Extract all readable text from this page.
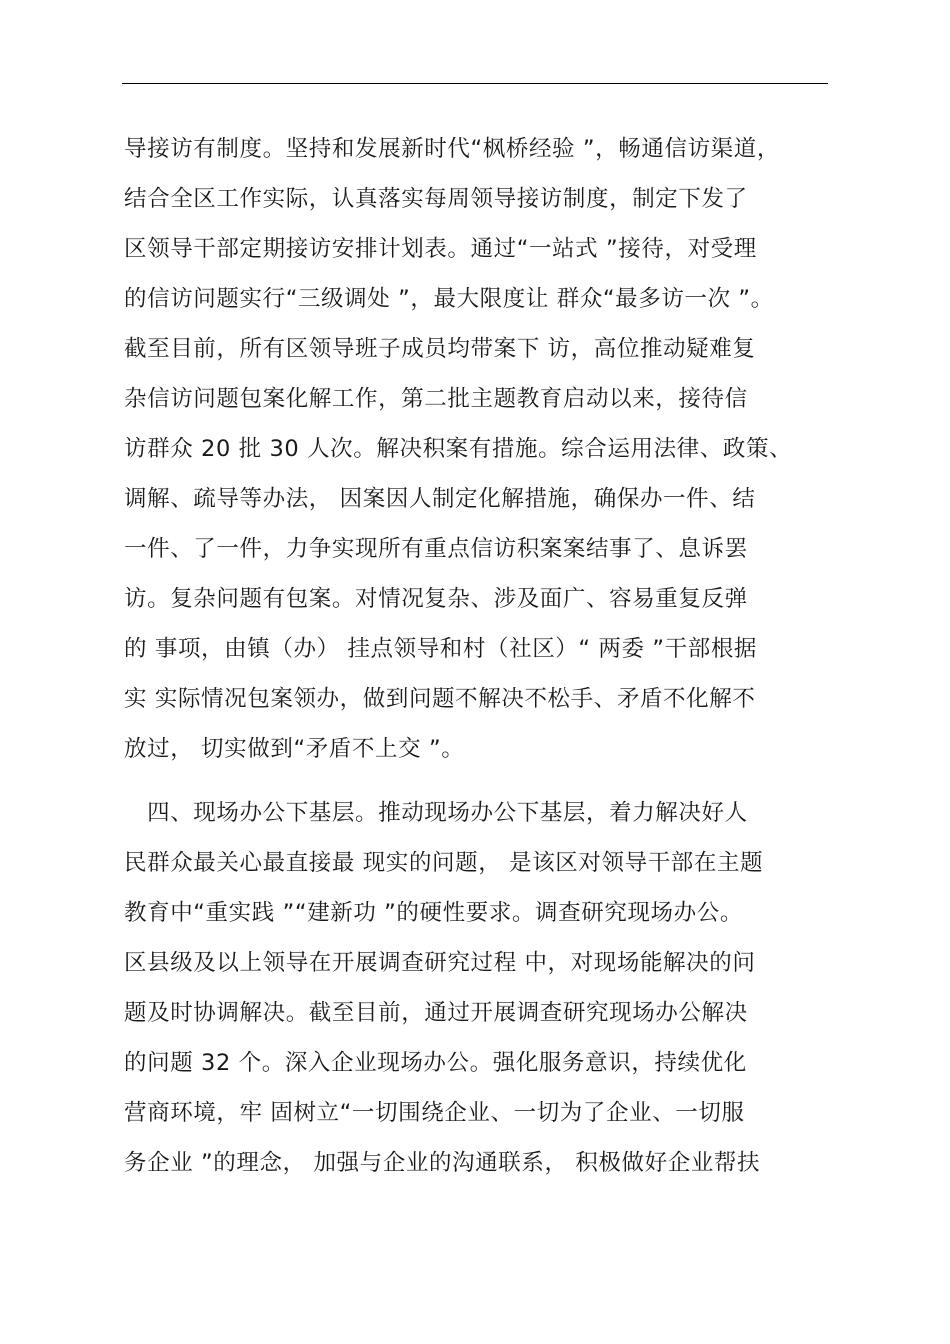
导接访有制度。坚持和发展新时代“枫桥经验 ”，畅通信访渠道，
结合全区工作实际，认真落实每周领导接访制度，制定下发了
区领导干部定期接访安排计划表。通过“一站式 ”接待，对受理
的信访问题实行“三级调处 ”，最大限度让 群众“最多访一次 ”。
截至目前，所有区领导班子成员均带案下 访，高位推动疑难复
杂信访问题包案化解工作，第二批主题教育启动以来，接待信
访群众 20 批 30 人次。解决积案有措施。综合运用法律、政策、
调解、疏导等办法， 因案因人制定化解措施，确保办一件、结
一件、了一件，力争实现所有重点信访积案案结事了、息诉罢
访。复杂问题有包案。对情况复杂、涉及面广、容易重复反弹
的 事项，由镇（办） 挂点领导和村（社区）“ 两委 ”干部根据
实 实际情况包案领办，做到问题不解决不松手、矛盾不化解不
放过， 切实做到“矛盾不上交 ”。
　四、现场办公下基层。推动现场办公下基层，着力解决好人
民群众最关心最直接最 现实的问题， 是该区对领导干部在主题
教育中“重实践 ”“建新功 ”的硬性要求。调查研究现场办公。
区县级及以上领导在开展调查研究过程 中，对现场能解决的问
题及时协调解决。截至目前，通过开展调查研究现场办公解决
的问题 32 个。深入企业现场办公。强化服务意识，持续优化
营商环境，牢 固树立“一切围绕企业、一切为了企业、一切服
务企业 ”的理念， 加强与企业的沟通联系， 积极做好企业帮扶
